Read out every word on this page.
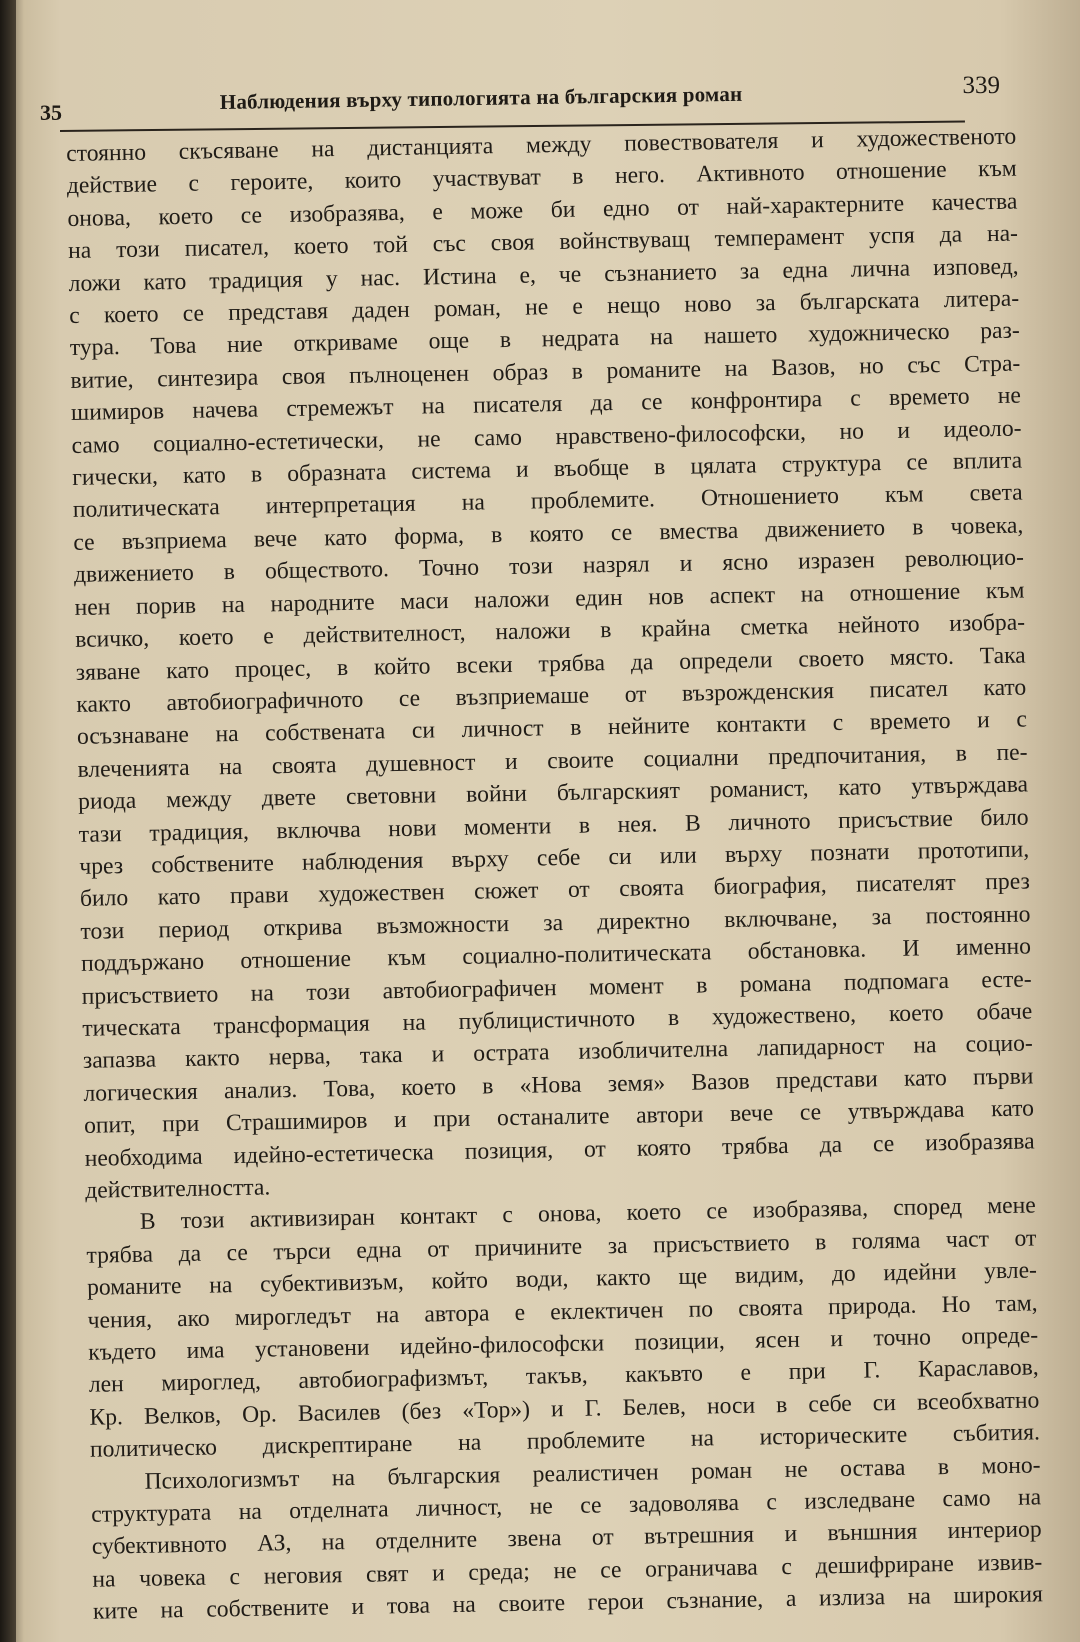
35	Наблюдения върху типологията на българския роман	339
стоянно скъсяване на дистанцията между повествователя и художественото
действие с героите, които участвуват в него. Активното отношение към
онова, което се изобразява, е може би едно от най-характерните качества
на този писател, което той със своя войнствуващ темперамент успя да на-
ложи като традиция у нас. Истина е, че съзнанието за една лична изповед,
с което се представя даден роман, не е нещо ново за българската литера-
тура. Това ние откриваме още в недрата на нашето художническо раз-
витие, синтезира своя пълноценен образ в романите на Вазов, но със Стра-
шимиров начева стремежът на писателя да се конфронтира с времето не
само социално-естетически, не само нравствено-философски, но и идеоло-
гически, като в образната система и въобще в цялата структура се вплита
политическата интерпретация на проблемите. Отношението към света
се възприема вече като форма, в която се вмества движението в човека,
движението в обществото. Точно този назрял и ясно изразен революцио-
нен порив на народните маси наложи един нов аспект на отношение към
всичко, което е действителност, наложи в крайна сметка нейното изобра-
зяване като процес, в който всеки трябва да определи своето място. Така
както автобиографичното се възприемаше от възрожденския писател като
осъзнаване на собствената си личност в нейните контакти с времето и с
влеченията на своята душевност и своите социални предпочитания, в пе-
риода между двете световни войни българският романист, като утвърждава
тази традиция, включва нови моменти в нея. В личното присъствие било
чрез собствените наблюдения върху себе си или върху познати прототипи,
било като прави художествен сюжет от своята биография, писателят през
този период открива възможности за директно включване, за постоянно
поддържано отношение към социално-политическата обстановка. И именно
присъствието на този автобиографичен момент в романа подпомага есте-
тическата трансформация на публицистичното в художествено, което обаче
запазва както нерва, така и острата изобличителна лапидарност на социо-
логическия анализ. Това, което в «Нова земя» Вазов представи като първи
опит, при Страшимиров и при останалите автори вече се утвърждава като
необходима идейно-естетическа позиция, от която трябва да се изобразява
действителността.
В този активизиран контакт с онова, което се изобразява, според мене
трябва да се търси една от причините за присъствието в голяма част от
романите на субективизъм, който води, както ще видим, до идейни увле-
чения, ако мирогледът на автора е еклектичен по своята природа. Но там,
където има установени идейно-философски позиции, ясен и точно опреде-
лен мироглед, автобиографизмът, такъв, какъвто е при Г. Караславов,
Кр. Велков, Ор. Василев (без «Тор») и Г. Белев, носи в себе си всеобхватно
политическо дискрептиране на проблемите на историческите събития.
Психологизмът на българския реалистичен роман не остава в моно-
структурата на отделната личност, не се задоволява с изследване само на
субективното АЗ, на отделните звена от вътрешния и външния интериор
на човека с неговия свят и среда; не се ограничава с дешифриране извив-
ките на собствените и това на своите герои съзнание, а излиза на широкия
